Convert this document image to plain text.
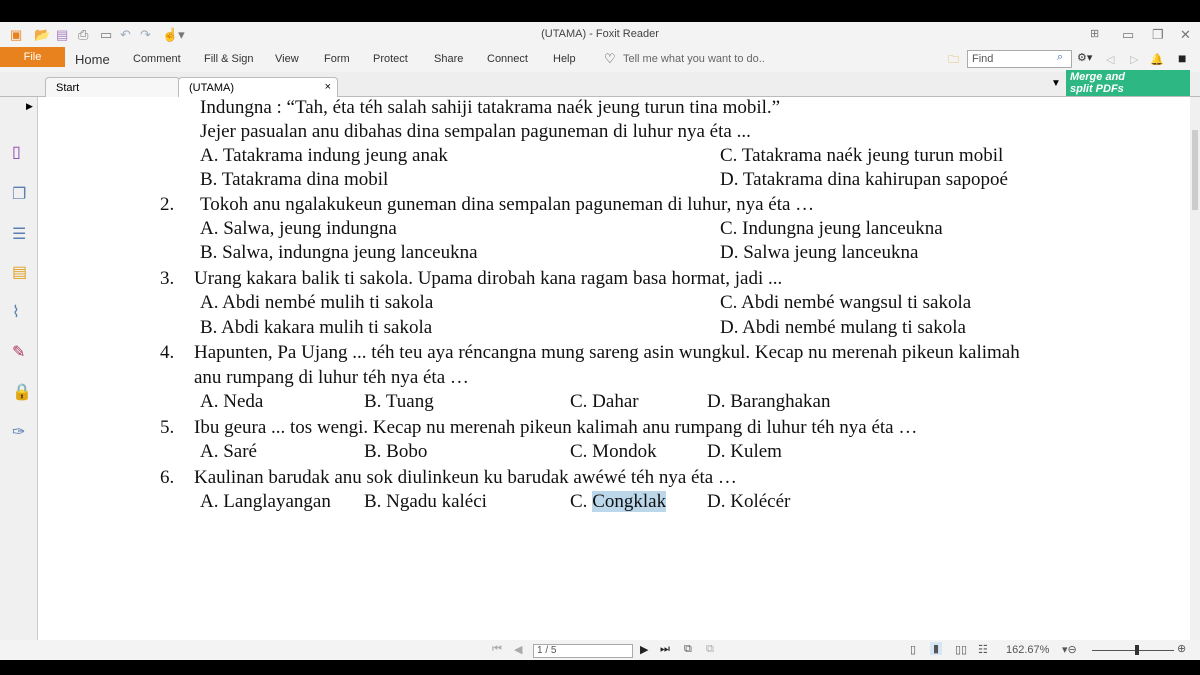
▣ 📂 ▤ ⎙ ▭ ↶ ↷ ☝▾	(UTAMA) - Foxit Reader	⊞ ▭ ❐ ✕
File	Home Comment Fill & Sign View Form Protect Share Connect Help ♡ Tell me what you want to do..	🗀	Find	⌕ ⚙▾ ◁ ▷ 🔔 ■
Start	(UTAMA)	×	▼
Merge and
split PDFs
▶
▯
❐
☰
▤
⌇
✎
🔒
✑
Indungna : “Tah, éta téh salah sahiji tatakrama naék jeung turun tina mobil.”
Jejer pasualan anu dibahas dina sempalan paguneman di luhur nya éta ...
A. Tatakrama indung jeung anak	C. Tatakrama naék jeung turun mobil
B. Tatakrama dina mobil	D. Tatakrama dina kahirupan sapopoé
2. Tokoh anu ngalakukeun guneman dina sempalan paguneman di luhur, nya éta …
A. Salwa, jeung indungna	C. Indungna jeung lanceukna
B. Salwa, indungna jeung lanceukna	D. Salwa jeung lanceukna
3. Urang kakara balik ti sakola. Upama dirobah kana ragam basa hormat, jadi ...
A. Abdi nembé mulih ti sakola	C. Abdi nembé wangsul ti sakola
B. Abdi kakara mulih ti sakola	D. Abdi nembé mulang ti sakola
4. Hapunten, Pa Ujang ... téh teu aya réncangna mung sareng asin wungkul. Kecap nu merenah pikeun kalimah
anu rumpang di luhur téh nya éta …
A. Neda	B. Tuang	C. Dahar	D. Baranghakan
5. Ibu geura ... tos wengi. Kecap nu merenah pikeun kalimah anu rumpang di luhur téh nya éta …
A. Saré	B. Bobo	C. Mondok	D. Kulem
6. Kaulinan barudak anu sok diulinkeun ku barudak awéwé téh nya éta …
A. Langlayangan B. Ngadu kaléci	C. Congklak D. Kolécér
⏮ ◀	1 / 5	▶ ⏭ ⧉ ⧉	▯ ▮ ▯▯ ☷ 162.67% ▾⊖	⊕
